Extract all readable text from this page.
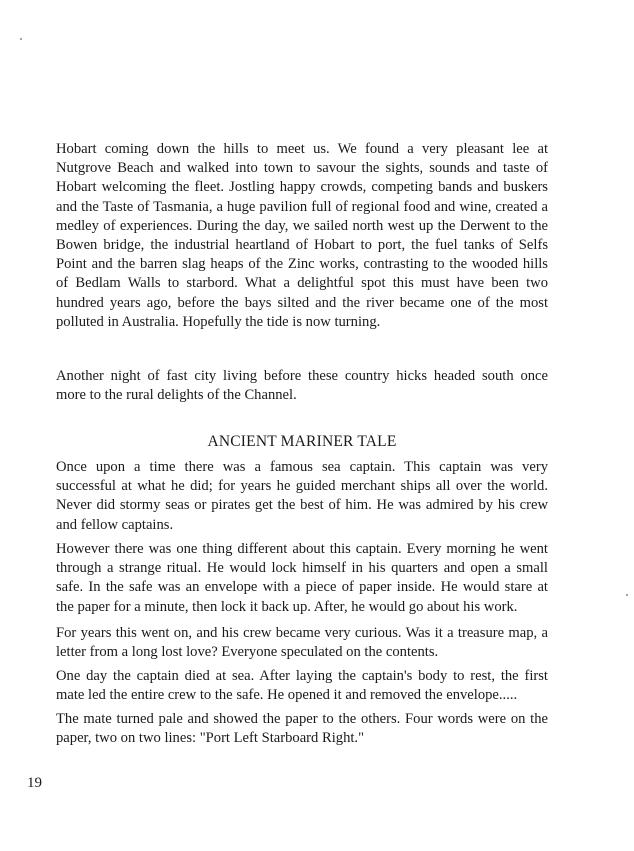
Hobart coming down the hills to meet us. We found a very pleasant lee at
Nutgrove Beach and walked into town to savour the sights, sounds and taste of
Hobart welcoming the fleet. Jostling happy crowds, competing bands and buskers
and the Taste of Tasmania, a huge pavilion full of regional food and wine, created a
medley of experiences. During the day, we sailed north west up the Derwent to the
Bowen bridge, the industrial heartland of Hobart to port, the fuel tanks of Selfs
Point and the barren slag heaps of the Zinc works, contrasting to the wooded hills
of Bedlam Walls to starbord. What a delightful spot this must have been two
hundred years ago, before the bays silted and the river became one of the most
polluted in Australia. Hopefully the tide is now turning.
Another night of fast city living before these country hicks headed south once
more to the rural delights of the Channel.
ANCIENT MARINER TALE
Once upon a time there was a famous sea captain. This captain was very
successful at what he did; for years he guided merchant ships all over the world.
Never did stormy seas or pirates get the best of him. He was admired by his crew
and fellow captains.
However there was one thing different about this captain. Every morning he went
through a strange ritual. He would lock himself in his quarters and open a small
safe. In the safe was an envelope with a piece of paper inside. He would stare at
the paper for a minute, then lock it back up. After, he would go about his work.
For years this went on, and his crew became very curious. Was it a treasure map, a
letter from a long lost love? Everyone speculated on the contents.
One day the captain died at sea. After laying the captain's body to rest, the first
mate led the entire crew to the safe. He opened it and removed the envelope.....
The mate turned pale and showed the paper to the others. Four words were on the
paper, two on two lines: "Port Left Starboard Right."
19
